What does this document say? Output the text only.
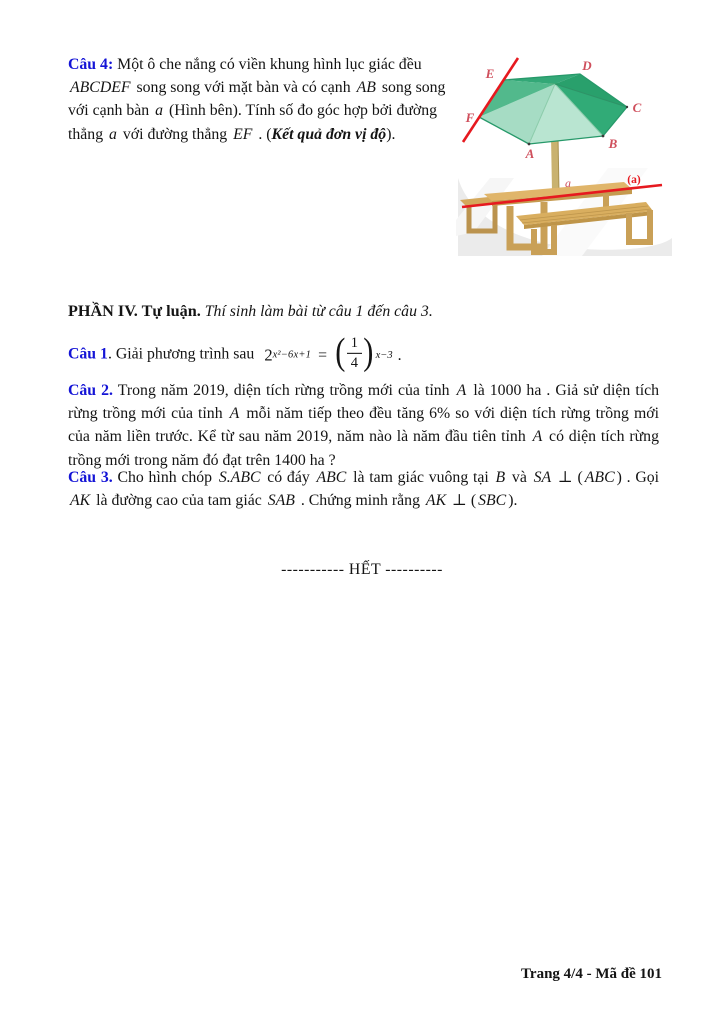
Câu 4: Một ô che nắng có viền khung hình lục giác đều ABCDEF song song với mặt bàn và có cạnh AB song song với cạnh bàn a (Hình bên). Tính số đo góc hợp bởi đường thẳng a với đường thẳng EF . (Kết quả đơn vị độ).
E
D
C
B
A
F
a	(a)
PHẦN IV. Tự luận. Thí sinh làm bài từ câu 1 đến câu 3.
Câu 1. Giải phương trình sau 2x²−6x+1 = ( $\frac{1}{4}$ ) x−3 .
Câu 2. Trong năm 2019, diện tích rừng trồng mới của tỉnh A là 1000 ha . Giả sử diện tích rừng trồng mới của tỉnh A mỗi năm tiếp theo đều tăng 6% so với diện tích rừng trồng mới của năm liền trước. Kể từ sau năm 2019, năm nào là năm đầu tiên tỉnh A có diện tích rừng trồng mới trong năm đó đạt trên 1400 ha ?
Câu 3. Cho hình chóp S.ABC có đáy ABC là tam giác vuông tại B và SA ⊥ ( ABC ) . Gọi AK là đường cao của tam giác SAB . Chứng minh rằng AK ⊥ ( SBC ).
----------- HẾT ----------
Trang 4/4 - Mã đề 101
